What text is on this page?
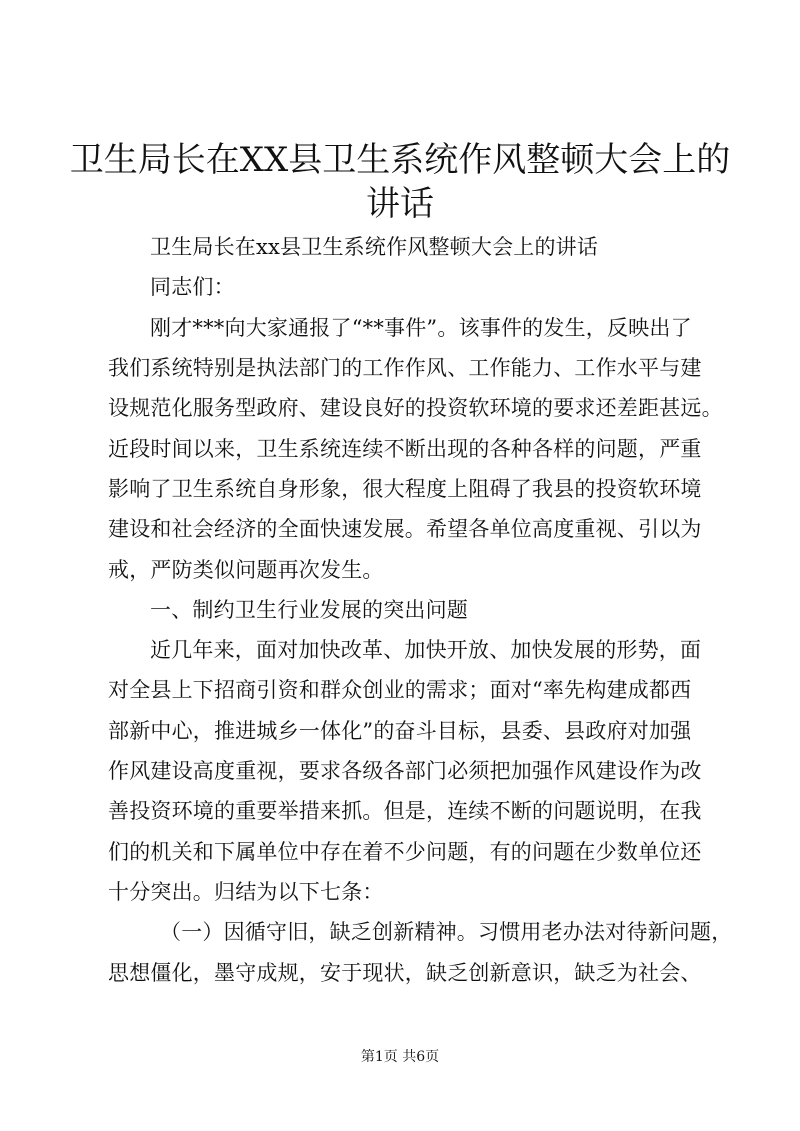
卫生局长在XX县卫生系统作风整顿大会上的
讲话
卫生局长在xx县卫生系统作风整顿大会上的讲话
同志们：
刚才***向大家通报了“**事件”。该事件的发生，反映出了
我们系统特别是执法部门的工作作风、工作能力、工作水平与建
设规范化服务型政府、建设良好的投资软环境的要求还差距甚远。
近段时间以来，卫生系统连续不断出现的各种各样的问题，严重
影响了卫生系统自身形象，很大程度上阻碍了我县的投资软环境
建设和社会经济的全面快速发展。希望各单位高度重视、引以为
戒，严防类似问题再次发生。
一、制约卫生行业发展的突出问题
近几年来，面对加快改革、加快开放、加快发展的形势，面
对全县上下招商引资和群众创业的需求；面对“率先构建成都西
部新中心，推进城乡一体化”的奋斗目标，县委、县政府对加强
作风建设高度重视，要求各级各部门必须把加强作风建设作为改
善投资环境的重要举措来抓。但是，连续不断的问题说明，在我
们的机关和下属单位中存在着不少问题，有的问题在少数单位还
十分突出。归结为以下七条：
（一）因循守旧，缺乏创新精神。习惯用老办法对待新问题，
思想僵化，墨守成规，安于现状，缺乏创新意识，缺乏为社会、
第1页 共6页
